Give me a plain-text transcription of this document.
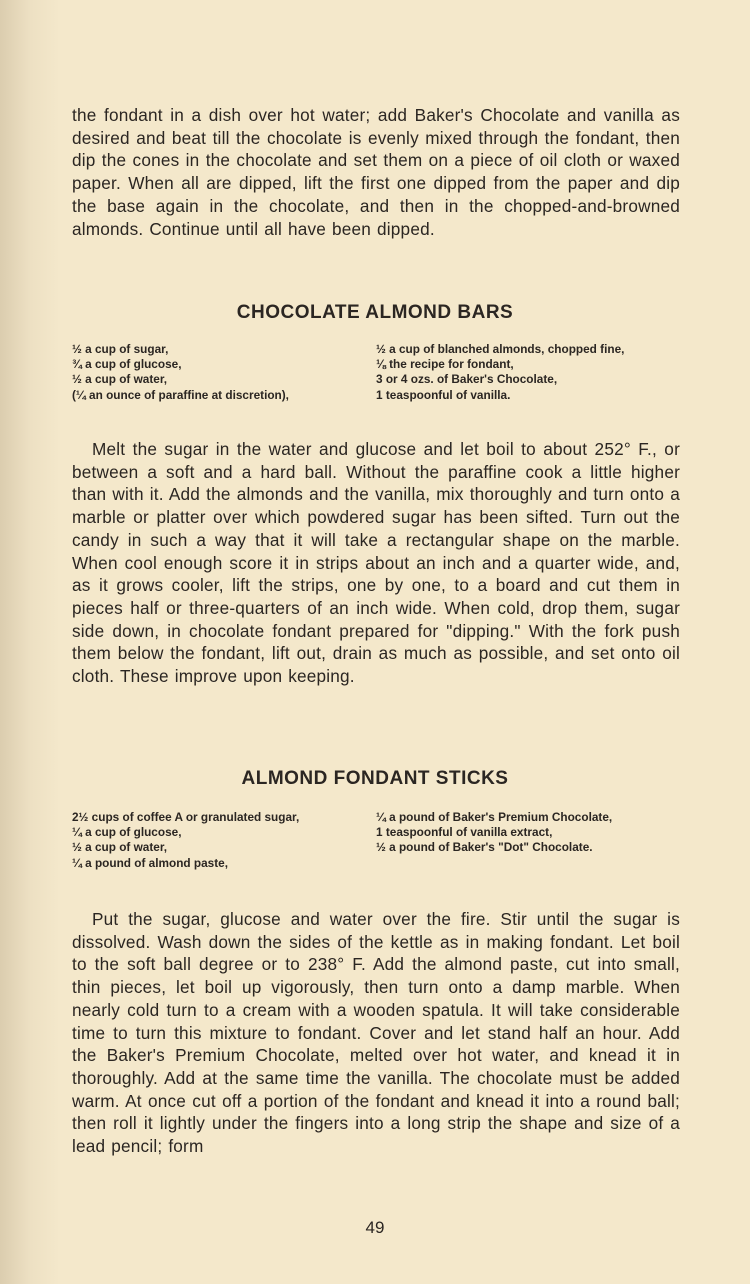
the fondant in a dish over hot water; add Baker's Chocolate and vanilla as desired and beat till the chocolate is evenly mixed through the fondant, then dip the cones in the chocolate and set them on a piece of oil cloth or waxed paper. When all are dipped, lift the first one dipped from the paper and dip the base again in the chocolate, and then in the chopped-and-browned almonds. Continue until all have been dipped.

CHOCOLATE ALMOND BARS
½ a cup of sugar,
¾ a cup of glucose,
½ a cup of water,
(¼ an ounce of paraffine at discretion),
½ a cup of blanched almonds, chopped fine,
⅛ the recipe for fondant,
3 or 4 ozs. of Baker's Chocolate,
1 teaspoonful of vanilla.

Melt the sugar in the water and glucose and let boil to about 252° F., or between a soft and a hard ball. Without the paraffine cook a little higher than with it. Add the almonds and the vanilla, mix thoroughly and turn onto a marble or platter over which powdered sugar has been sifted. Turn out the candy in such a way that it will take a rectangular shape on the marble. When cool enough score it in strips about an inch and a quarter wide, and, as it grows cooler, lift the strips, one by one, to a board and cut them in pieces half or three-quarters of an inch wide. When cold, drop them, sugar side down, in chocolate fondant prepared for "dipping." With the fork push them below the fondant, lift out, drain as much as possible, and set onto oil cloth. These improve upon keeping.

ALMOND FONDANT STICKS
2½ cups of coffee A or granulated sugar,
¼ a cup of glucose,
½ a cup of water,
¼ a pound of almond paste,
¼ a pound of Baker's Premium Chocolate,
1 teaspoonful of vanilla extract,
½ a pound of Baker's "Dot" Chocolate.

Put the sugar, glucose and water over the fire. Stir until the sugar is dissolved. Wash down the sides of the kettle as in making fondant. Let boil to the soft ball degree or to 238° F. Add the almond paste, cut into small, thin pieces, let boil up vigorously, then turn onto a damp marble. When nearly cold turn to a cream with a wooden spatula. It will take considerable time to turn this mixture to fondant. Cover and let stand half an hour. Add the Baker's Premium Chocolate, melted over hot water, and knead it in thoroughly. Add at the same time the vanilla. The chocolate must be added warm. At once cut off a portion of the fondant and knead it into a round ball; then roll it lightly under the fingers into a long strip the shape and size of a lead pencil; form

49
